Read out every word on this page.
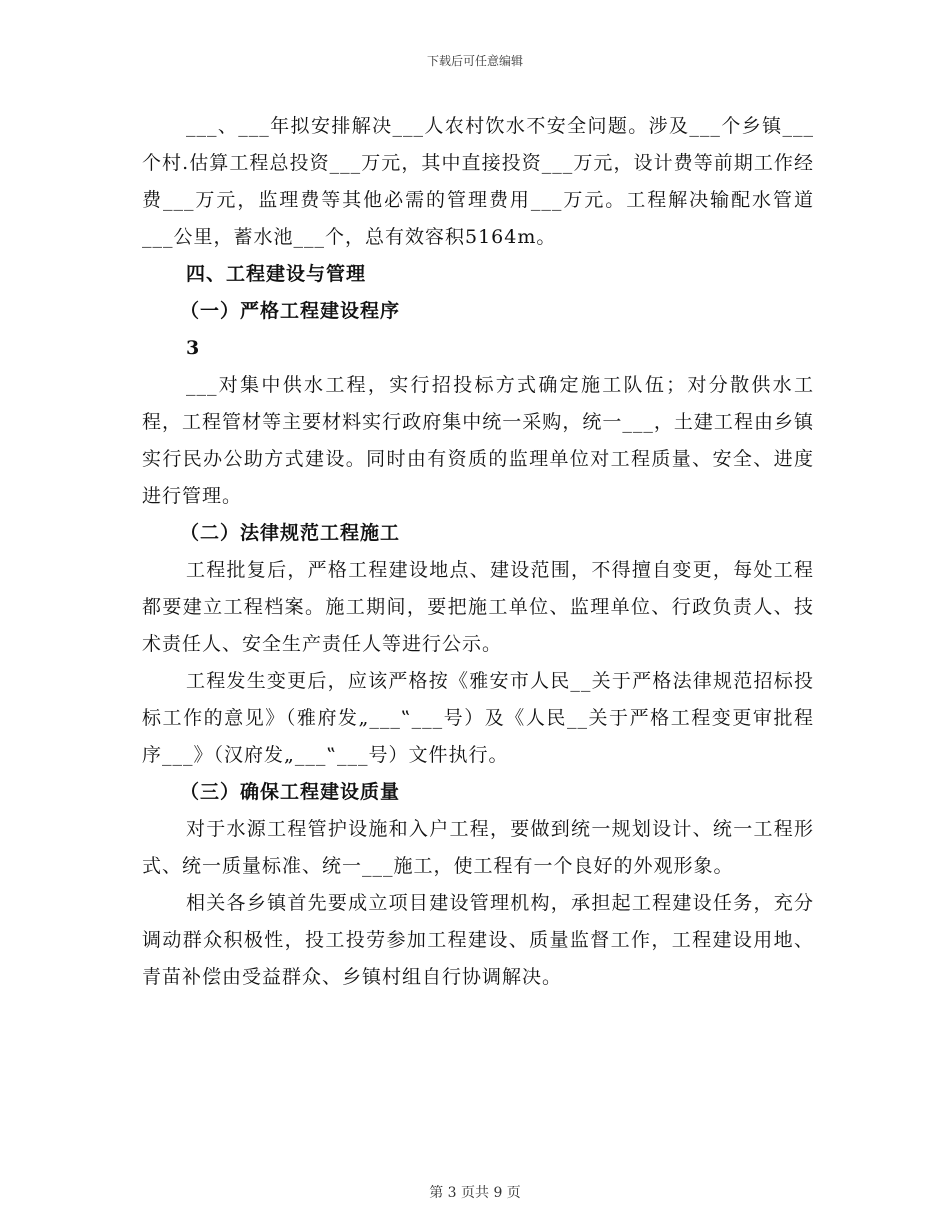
下载后可任意编辑

___、___年拟安排解决___人农村饮水不安全问题。涉及___个乡镇___个村.估算工程总投资___万元，其中直接投资___万元，设计费等前期工作经费___万元，监理费等其他必需的管理费用___万元。工程解决输配水管道___公里，蓄水池___个，总有效容积5164m。

四、工程建设与管理

（一）严格工程建设程序

3

___对集中供水工程，实行招投标方式确定施工队伍；对分散供水工程，工程管材等主要材料实行政府集中统一采购，统一___，土建工程由乡镇实行民办公助方式建设。同时由有资质的监理单位对工程质量、安全、进度进行管理。

（二）法律规范工程施工

工程批复后，严格工程建设地点、建设范围，不得擅自变更，每处工程都要建立工程档案。施工期间，要把施工单位、监理单位、行政负责人、技术责任人、安全生产责任人等进行公示。

工程发生变更后，应该严格按《雅安市人民__关于严格法律规范招标投标工作的意见》（雅府发„___‟___号）及《人民__关于严格工程变更审批程序___》（汉府发„___‟___号）文件执行。

（三）确保工程建设质量

对于水源工程管护设施和入户工程，要做到统一规划设计、统一工程形式、统一质量标准、统一___施工，使工程有一个良好的外观形象。

相关各乡镇首先要成立项目建设管理机构，承担起工程建设任务，充分调动群众积极性，投工投劳参加工程建设、质量监督工作，工程建设用地、青苗补偿由受益群众、乡镇村组自行协调解决。

第 3 页共 9 页
